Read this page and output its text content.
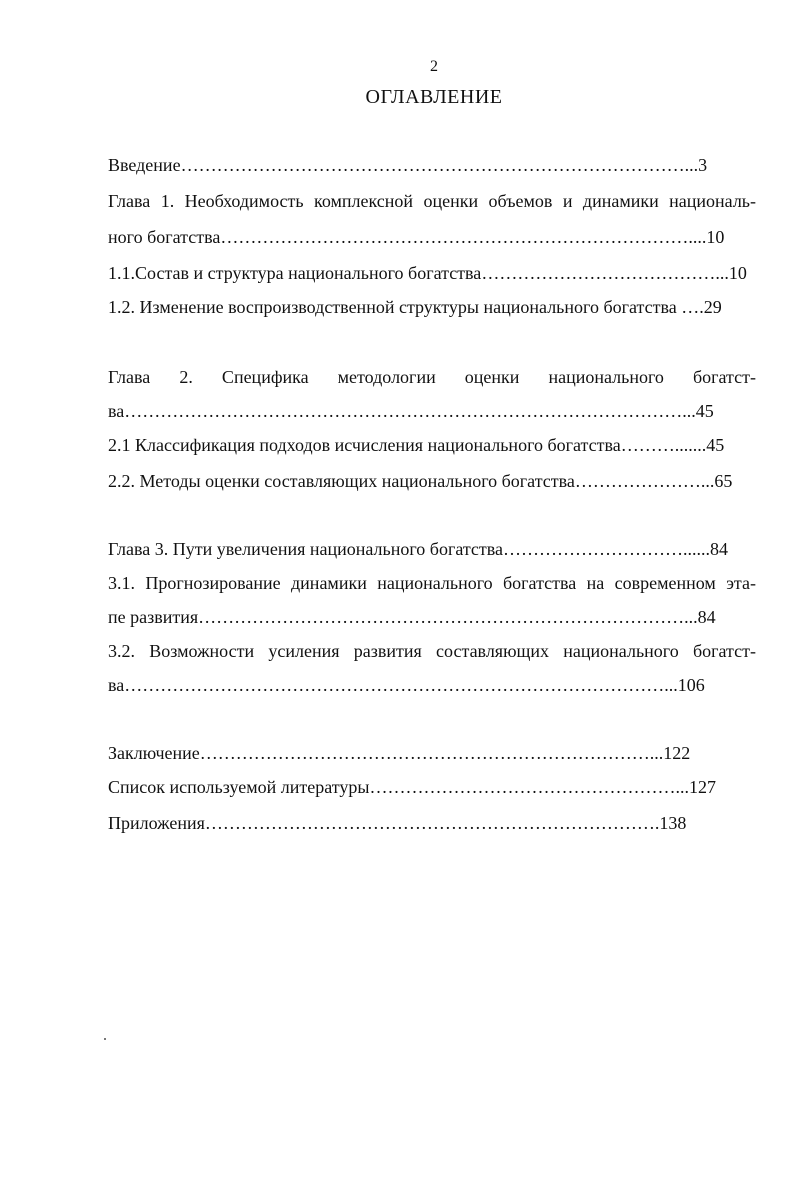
2
ОГЛАВЛЕНИЕ
Введение…………………………………………………………………………...3
Глава 1. Необходимость комплексной оценки объемов и динамики националь-
ного богатства……………………………………………………………………....10
1.1.Состав и структура национального богатства…………………………………...10
1.2. Изменение воспроизводственной структуры национального богатства ….29
Глава 2. Специфика методологии оценки национального богатст-
ва…………………………………………………………………………………...45
2.1 Классификация подходов исчисления национального богатства……….......45
2.2. Методы оценки составляющих национального богатства…………………...65
Глава 3. Пути увеличения национального богатства…………………………......84
3.1. Прогнозирование динамики национального богатства на современном эта-
пе развития………………………………………………………………………...84
3.2. Возможности усиления развития составляющих национального богатст-
ва………………………………………………………………………………...106
Заключение…………………………………………………………………...122
Список используемой литературы……………………………………………...127
Приложения………………………………………………………………….138
